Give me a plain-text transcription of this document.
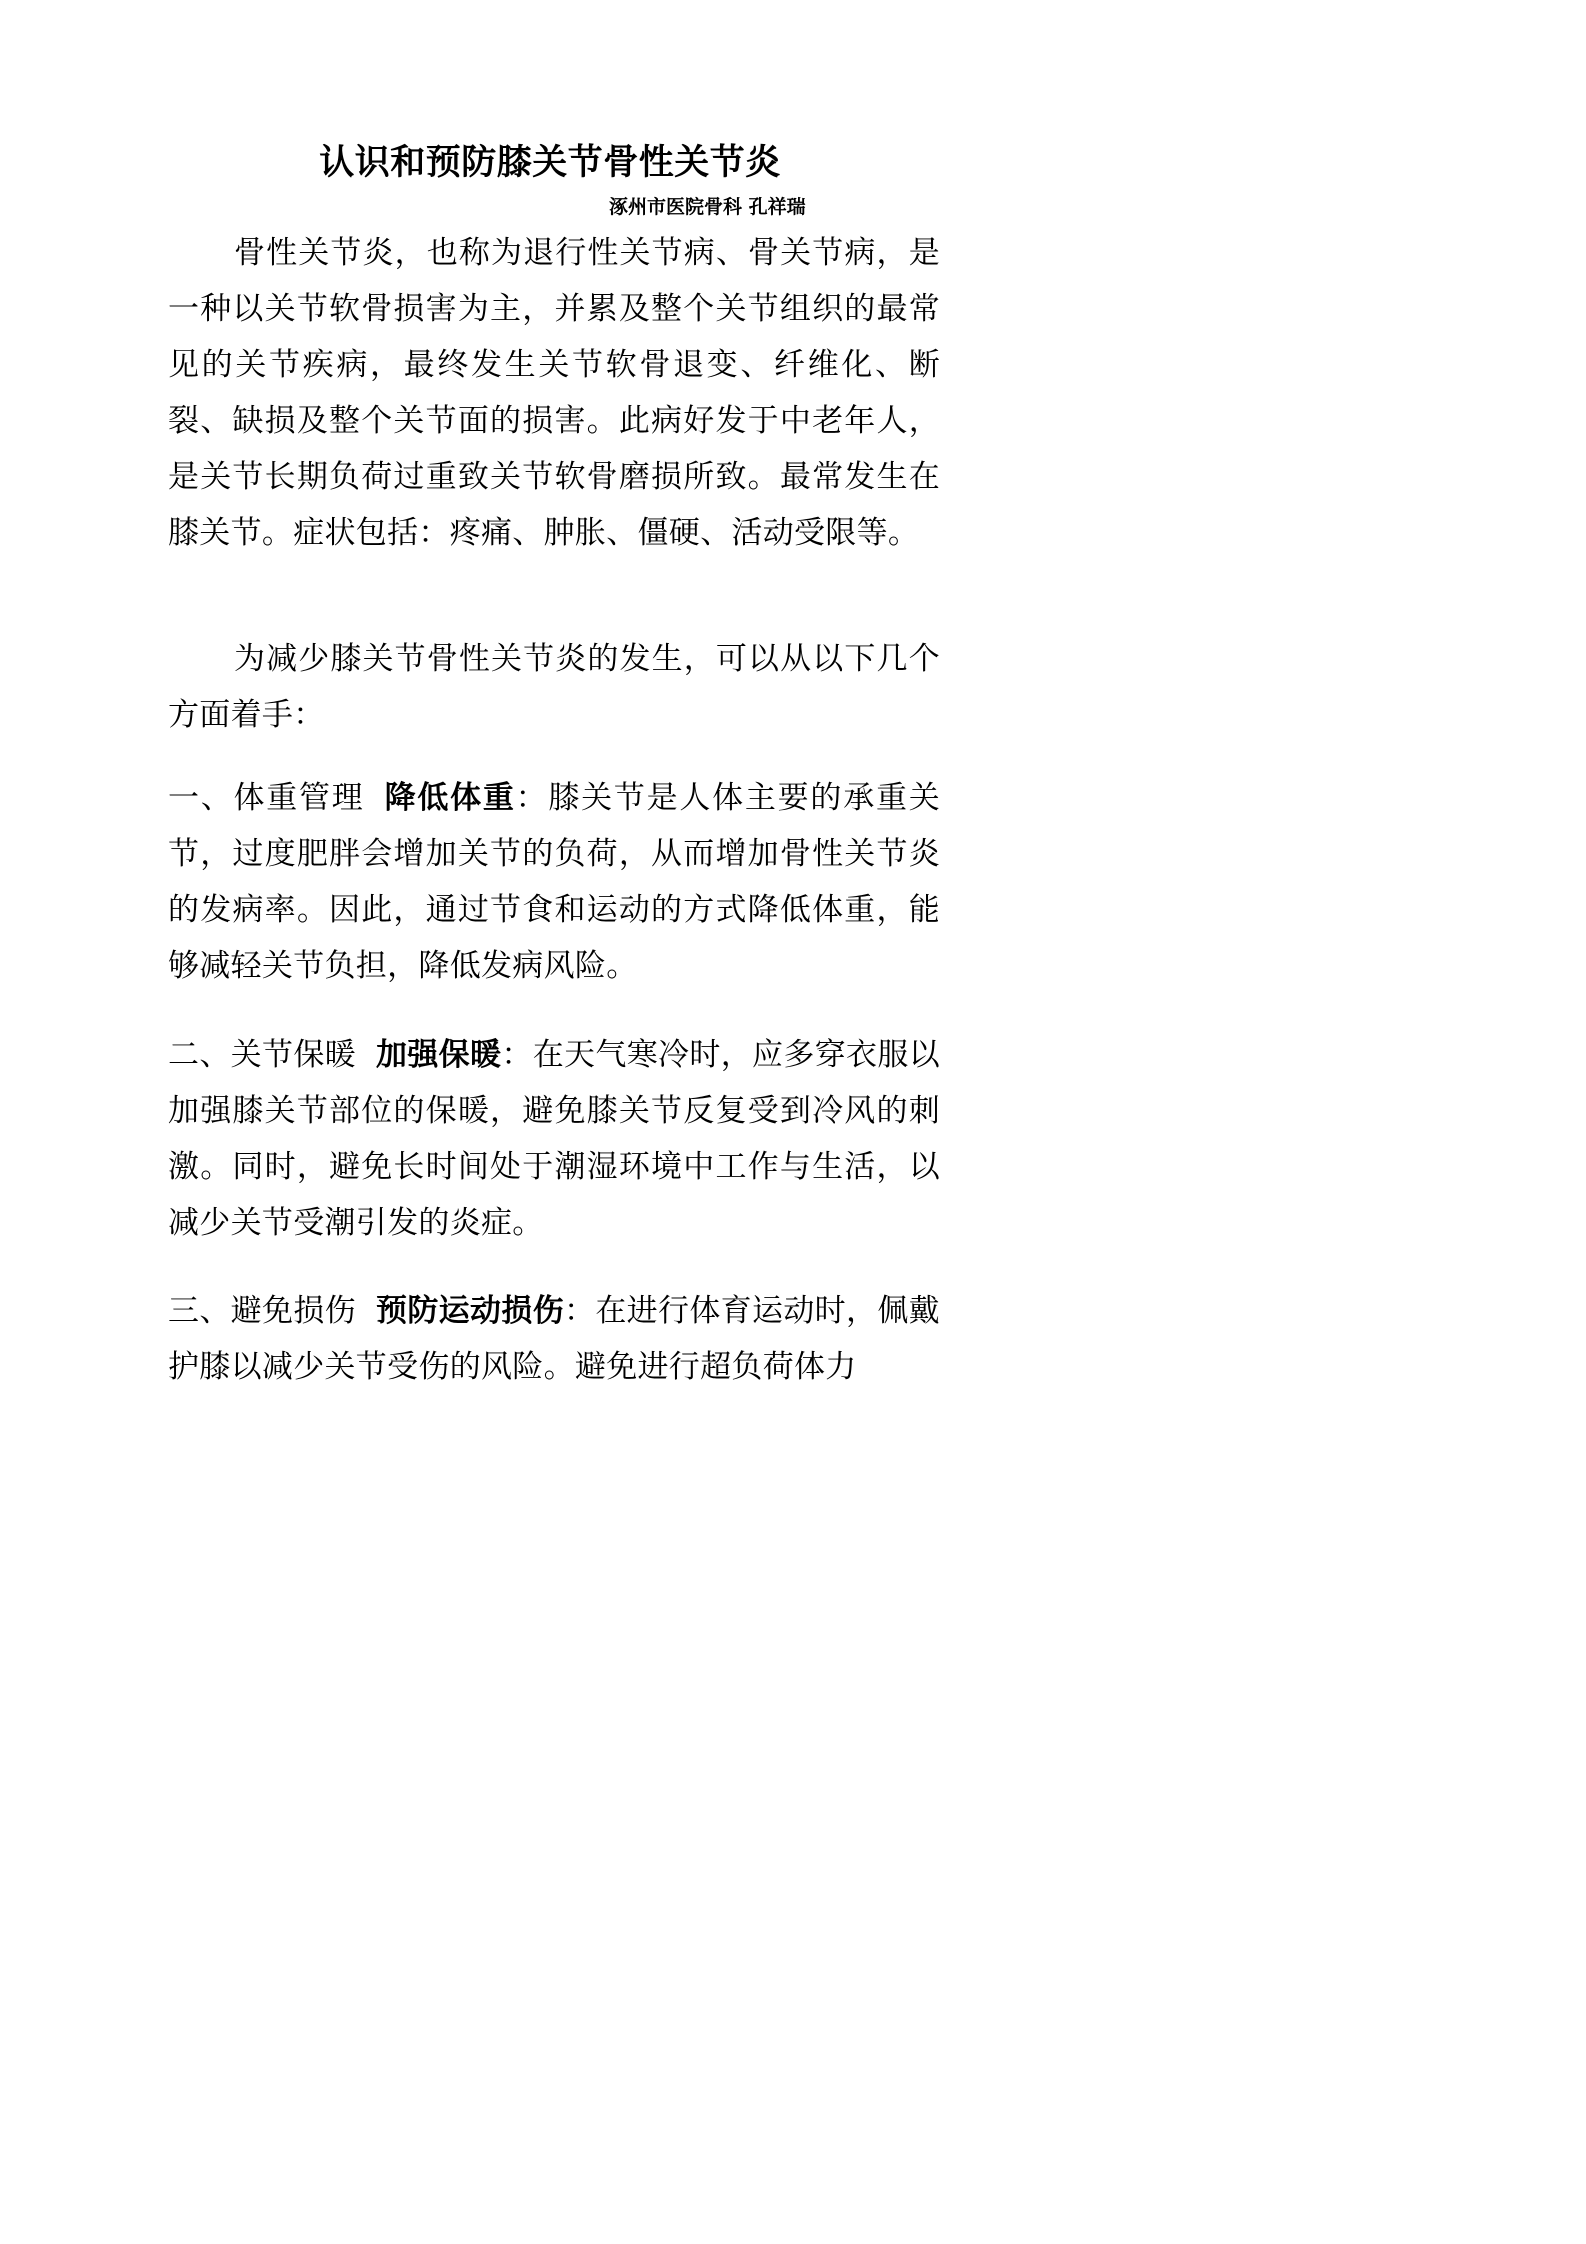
认识和预防膝关节骨性关节炎
涿州市医院骨科 孔祥瑞

骨性关节炎，也称为退行性关节病、骨关节病，是一种以关节软骨损害为主，并累及整个关节组织的最常见的关节疾病，最终发生关节软骨退变、纤维化、断裂、缺损及整个关节面的损害。此病好发于中老年人，是关节长期负荷过重致关节软骨磨损所致。最常发生在膝关节。症状包括：疼痛、肿胀、僵硬、活动受限等。

为减少膝关节骨性关节炎的发生，可以从以下几个方面着手：

一、体重管理 降低体重：膝关节是人体主要的承重关节，过度肥胖会增加关节的负荷，从而增加骨性关节炎的发病率。因此，通过节食和运动的方式降低体重，能够减轻关节负担，降低发病风险。

二、关节保暖 加强保暖：在天气寒冷时，应多穿衣服以加强膝关节部位的保暖，避免膝关节反复受到冷风的刺激。同时，避免长时间处于潮湿环境中工作与生活，以减少关节受潮引发的炎症。

三、避免损伤 预防运动损伤：在进行体育运动时，佩戴护膝以减少关节受伤的风险。避免进行超负荷体力
